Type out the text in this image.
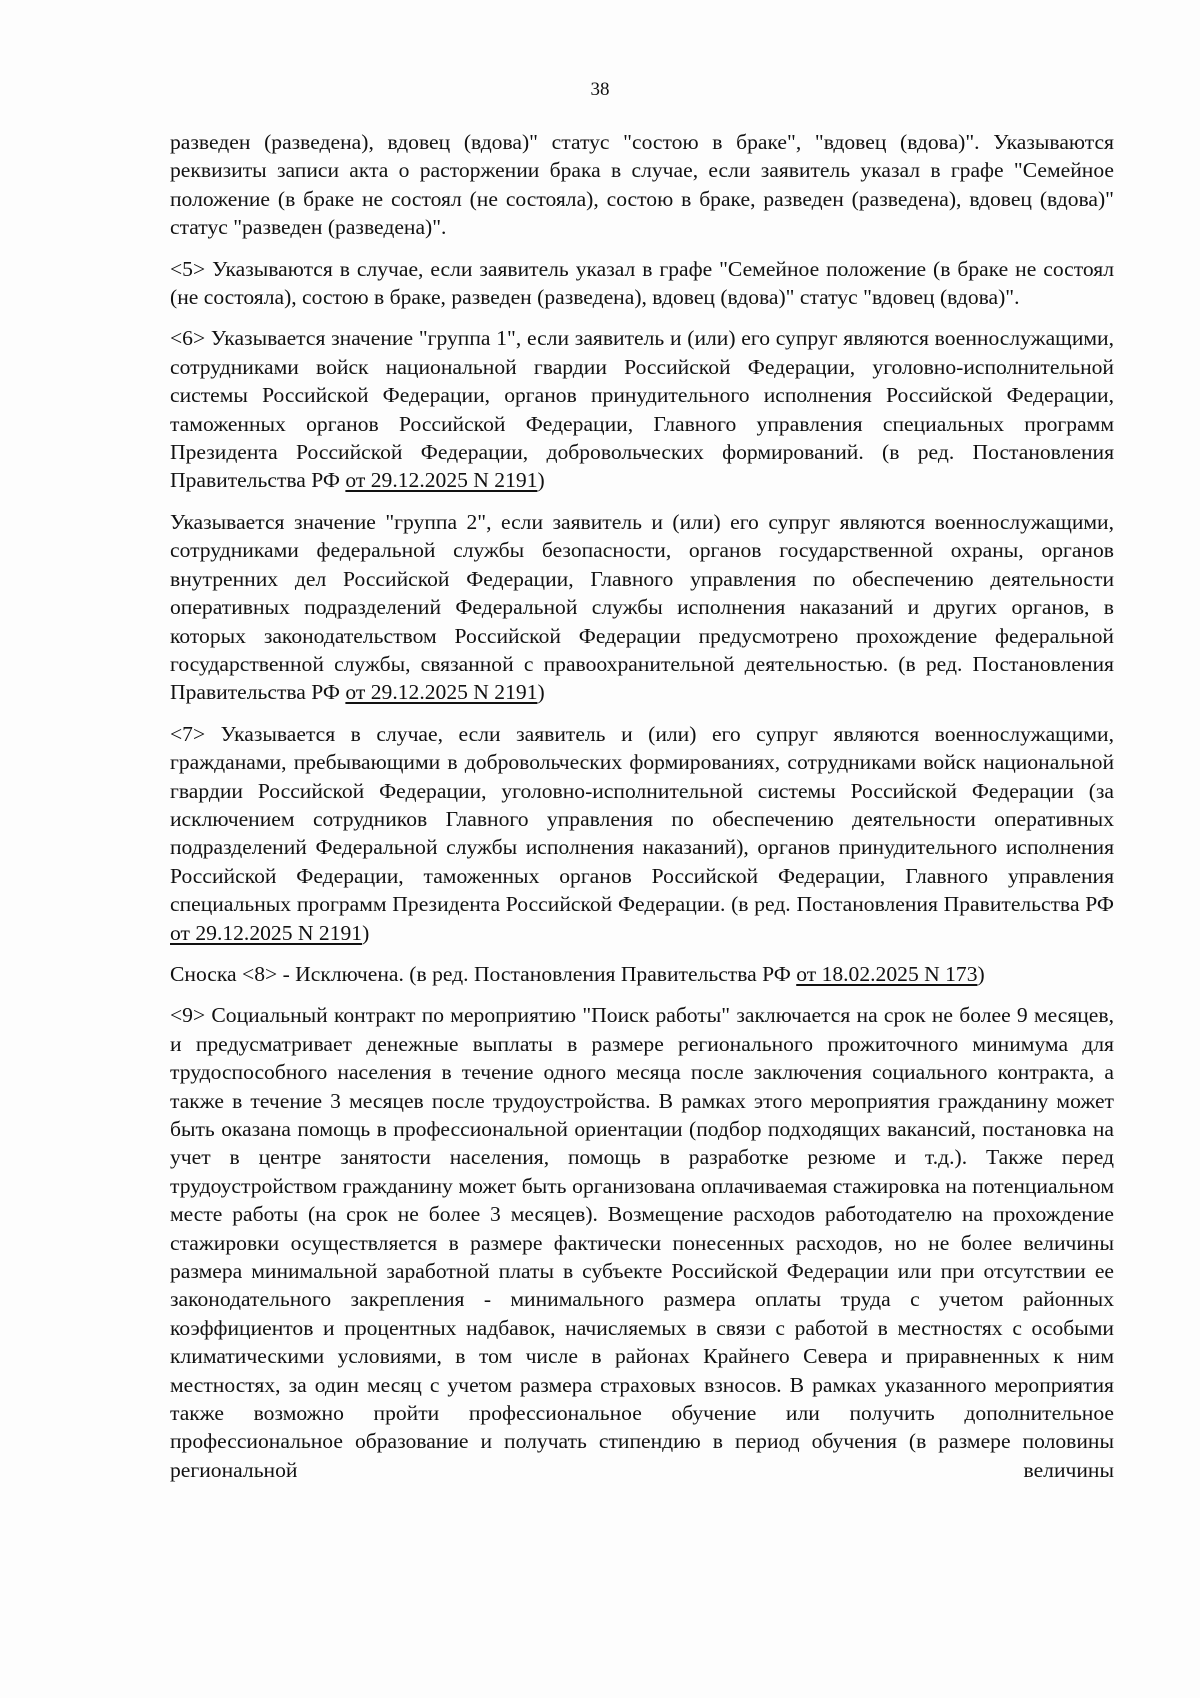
38

разведен (разведена), вдовец (вдова)" статус "состою в браке", "вдовец (вдова)". Указываются реквизиты записи акта о расторжении брака в случае, если заявитель указал в графе "Семейное положение (в браке не состоял (не состояла), состою в браке, разведен (разведена), вдовец (вдова)" статус "разведен (разведена)".

<5> Указываются в случае, если заявитель указал в графе "Семейное положение (в браке не состоял (не состояла), состою в браке, разведен (разведена), вдовец (вдова)" статус "вдовец (вдова)".

<6> Указывается значение "группа 1", если заявитель и (или) его супруг являются военнослужащими, сотрудниками войск национальной гвардии Российской Федерации, уголовно-исполнительной системы Российской Федерации, органов принудительного исполнения Российской Федерации, таможенных органов Российской Федерации, Главного управления специальных программ Президента Российской Федерации, добровольческих формирований. (в ред. Постановления Правительства РФ от 29.12.2025 N 2191)

Указывается значение "группа 2", если заявитель и (или) его супруг являются военнослужащими, сотрудниками федеральной службы безопасности, органов государственной охраны, органов внутренних дел Российской Федерации, Главного управления по обеспечению деятельности оперативных подразделений Федеральной службы исполнения наказаний и других органов, в которых законодательством Российской Федерации предусмотрено прохождение федеральной государственной службы, связанной с правоохранительной деятельностью. (в ред. Постановления Правительства РФ от 29.12.2025 N 2191)

<7> Указывается в случае, если заявитель и (или) его супруг являются военнослужащими, гражданами, пребывающими в добровольческих формированиях, сотрудниками войск национальной гвардии Российской Федерации, уголовно-исполнительной системы Российской Федерации (за исключением сотрудников Главного управления по обеспечению деятельности оперативных подразделений Федеральной службы исполнения наказаний), органов принудительного исполнения Российской Федерации, таможенных органов Российской Федерации, Главного управления специальных программ Президента Российской Федерации. (в ред. Постановления Правительства РФ от 29.12.2025 N 2191)

Сноска <8> - Исключена. (в ред. Постановления Правительства РФ от 18.02.2025 N 173)

<9> Социальный контракт по мероприятию "Поиск работы" заключается на срок не более 9 месяцев, и предусматривает денежные выплаты в размере регионального прожиточного минимума для трудоспособного населения в течение одного месяца после заключения социального контракта, а также в течение 3 месяцев после трудоустройства. В рамках этого мероприятия гражданину может быть оказана помощь в профессиональной ориентации (подбор подходящих вакансий, постановка на учет в центре занятости населения, помощь в разработке резюме и т.д.). Также перед трудоустройством гражданину может быть организована оплачиваемая стажировка на потенциальном месте работы (на срок не более 3 месяцев). Возмещение расходов работодателю на прохождение стажировки осуществляется в размере фактически понесенных расходов, но не более величины размера минимальной заработной платы в субъекте Российской Федерации или при отсутствии ее законодательного закрепления - минимального размера оплаты труда с учетом районных коэффициентов и процентных надбавок, начисляемых в связи с работой в местностях с особыми климатическими условиями, в том числе в районах Крайнего Севера и приравненных к ним местностях, за один месяц с учетом размера страховых взносов. В рамках указанного мероприятия также возможно пройти профессиональное обучение или получить дополнительное профессиональное образование и получать стипендию в период обучения (в размере половины региональной величины
